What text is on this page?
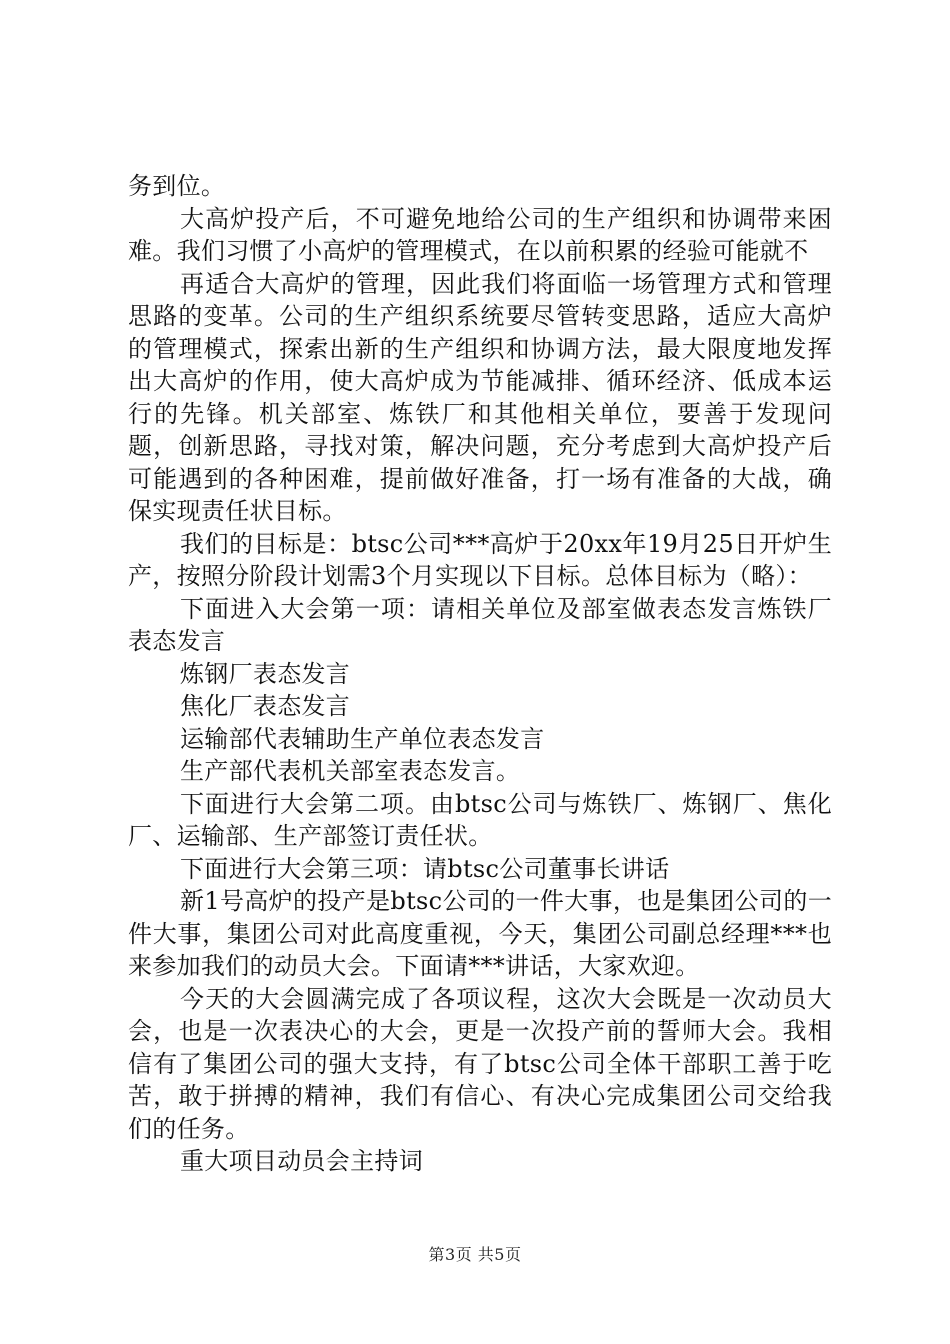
务到位。

大高炉投产后，不可避免地给公司的生产组织和协调带来困难。我们习惯了小高炉的管理模式，在以前积累的经验可能就不

再适合大高炉的管理，因此我们将面临一场管理方式和管理思路的变革。公司的生产组织系统要尽管转变思路，适应大高炉的管理模式，探索出新的生产组织和协调方法，最大限度地发挥出大高炉的作用，使大高炉成为节能减排、循环经济、低成本运行的先锋。机关部室、炼铁厂和其他相关单位，要善于发现问题，创新思路，寻找对策，解决问题，充分考虑到大高炉投产后可能遇到的各种困难，提前做好准备，打一场有准备的大战，确保实现责任状目标。

我们的目标是：btsc公司***高炉于20xx年19月25日开炉生产，按照分阶段计划需3个月实现以下目标。总体目标为（略）：

下面进入大会第一项：请相关单位及部室做表态发言炼铁厂表态发言

炼钢厂表态发言

焦化厂表态发言

运输部代表辅助生产单位表态发言

生产部代表机关部室表态发言。

下面进行大会第二项。由btsc公司与炼铁厂、炼钢厂、焦化厂、运输部、生产部签订责任状。

下面进行大会第三项：请btsc公司董事长讲话

新1号高炉的投产是btsc公司的一件大事，也是集团公司的一件大事，集团公司对此高度重视，今天，集团公司副总经理***也来参加我们的动员大会。下面请***讲话，大家欢迎。

今天的大会圆满完成了各项议程，这次大会既是一次动员大会，也是一次表决心的大会，更是一次投产前的誓师大会。我相信有了集团公司的强大支持，有了btsc公司全体干部职工善于吃苦，敢于拼搏的精神，我们有信心、有决心完成集团公司交给我们的任务。

重大项目动员会主持词

第3页 共5页
